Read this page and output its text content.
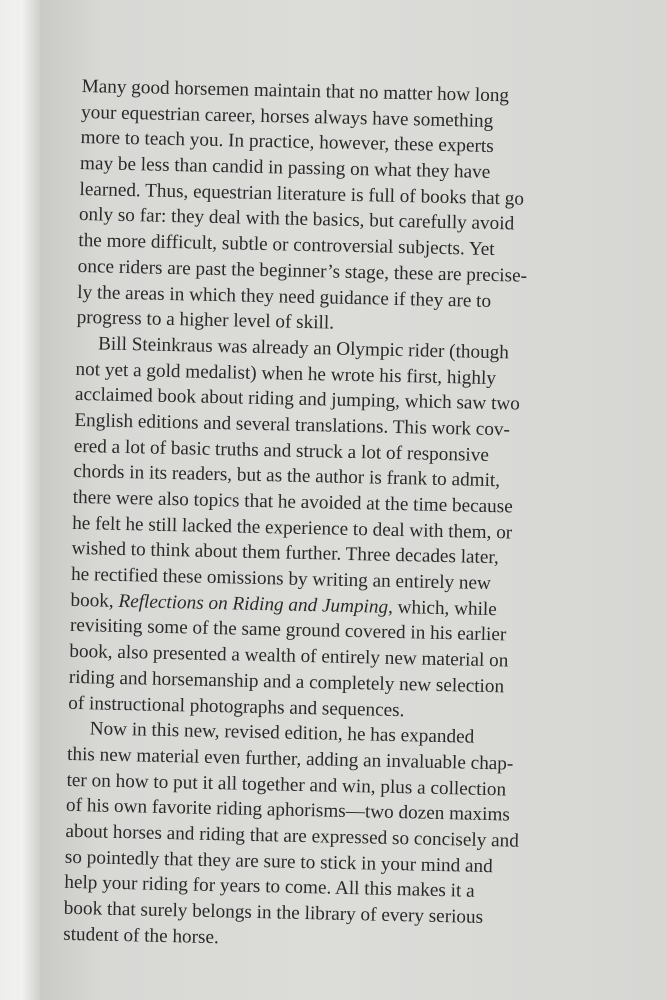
Many good horsemen maintain that no matter how long
your equestrian career, horses always have something
more to teach you. In practice, however, these experts
may be less than candid in passing on what they have
learned. Thus, equestrian literature is full of books that go
only so far: they deal with the basics, but carefully avoid
the more difficult, subtle or controversial subjects. Yet
once riders are past the beginner’s stage, these are precise-
ly the areas in which they need guidance if they are to
progress to a higher level of skill.
Bill Steinkraus was already an Olympic rider (though
not yet a gold medalist) when he wrote his first, highly
acclaimed book about riding and jumping, which saw two
English editions and several translations. This work cov-
ered a lot of basic truths and struck a lot of responsive
chords in its readers, but as the author is frank to admit,
there were also topics that he avoided at the time because
he felt he still lacked the experience to deal with them, or
wished to think about them further. Three decades later,
he rectified these omissions by writing an entirely new
book, Reflections on Riding and Jumping, which, while
revisiting some of the same ground covered in his earlier
book, also presented a wealth of entirely new material on
riding and horsemanship and a completely new selection
of instructional photographs and sequences.
Now in this new, revised edition, he has expanded
this new material even further, adding an invaluable chap-
ter on how to put it all together and win, plus a collection
of his own favorite riding aphorisms—two dozen maxims
about horses and riding that are expressed so concisely and
so pointedly that they are sure to stick in your mind and
help your riding for years to come. All this makes it a
book that surely belongs in the library of every serious
student of the horse.
